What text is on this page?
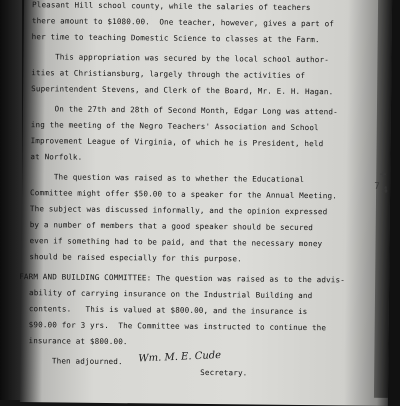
Pleasant Hill school county, while the salaries of teachers
there amount to $1080.00.  One teacher, however, gives a part of
her time to teaching Domestic Science to classes at the Farm.
This appropriation was secured by the local school author-
ities at Christiansburg, largely through the activities of
Superintendent Stevens, and Clerk of the Board, Mr. E. H. Hagan.
On the 27th and 28th of Second Month, Edgar Long was attend-
ing the meeting of the Negro Teachers' Association and School
Improvement League of Virginia, of which he is President, held
at Norfolk.
The question was raised as to whether the Educational
Committee might offer $50.00 to a speaker for the Annual Meeting.
The subject was discussed informally, and the opinion expressed
by a number of members that a good speaker should be secured
even if something had to be paid, and that the necessary money
should be raised especially for this purpose.
FARM AND BUILDING COMMITTEE: The question was raised as to the advis-
ability of carrying insurance on the Industrial Building and
contents.   This is valued at $800.00, and the insurance is
$90.00 for 3 yrs.  The Committee was instructed to continue the
insurance at $800.00.
Then adjourned. Wm. M. E. Cude
Secretary.
7
+
4
